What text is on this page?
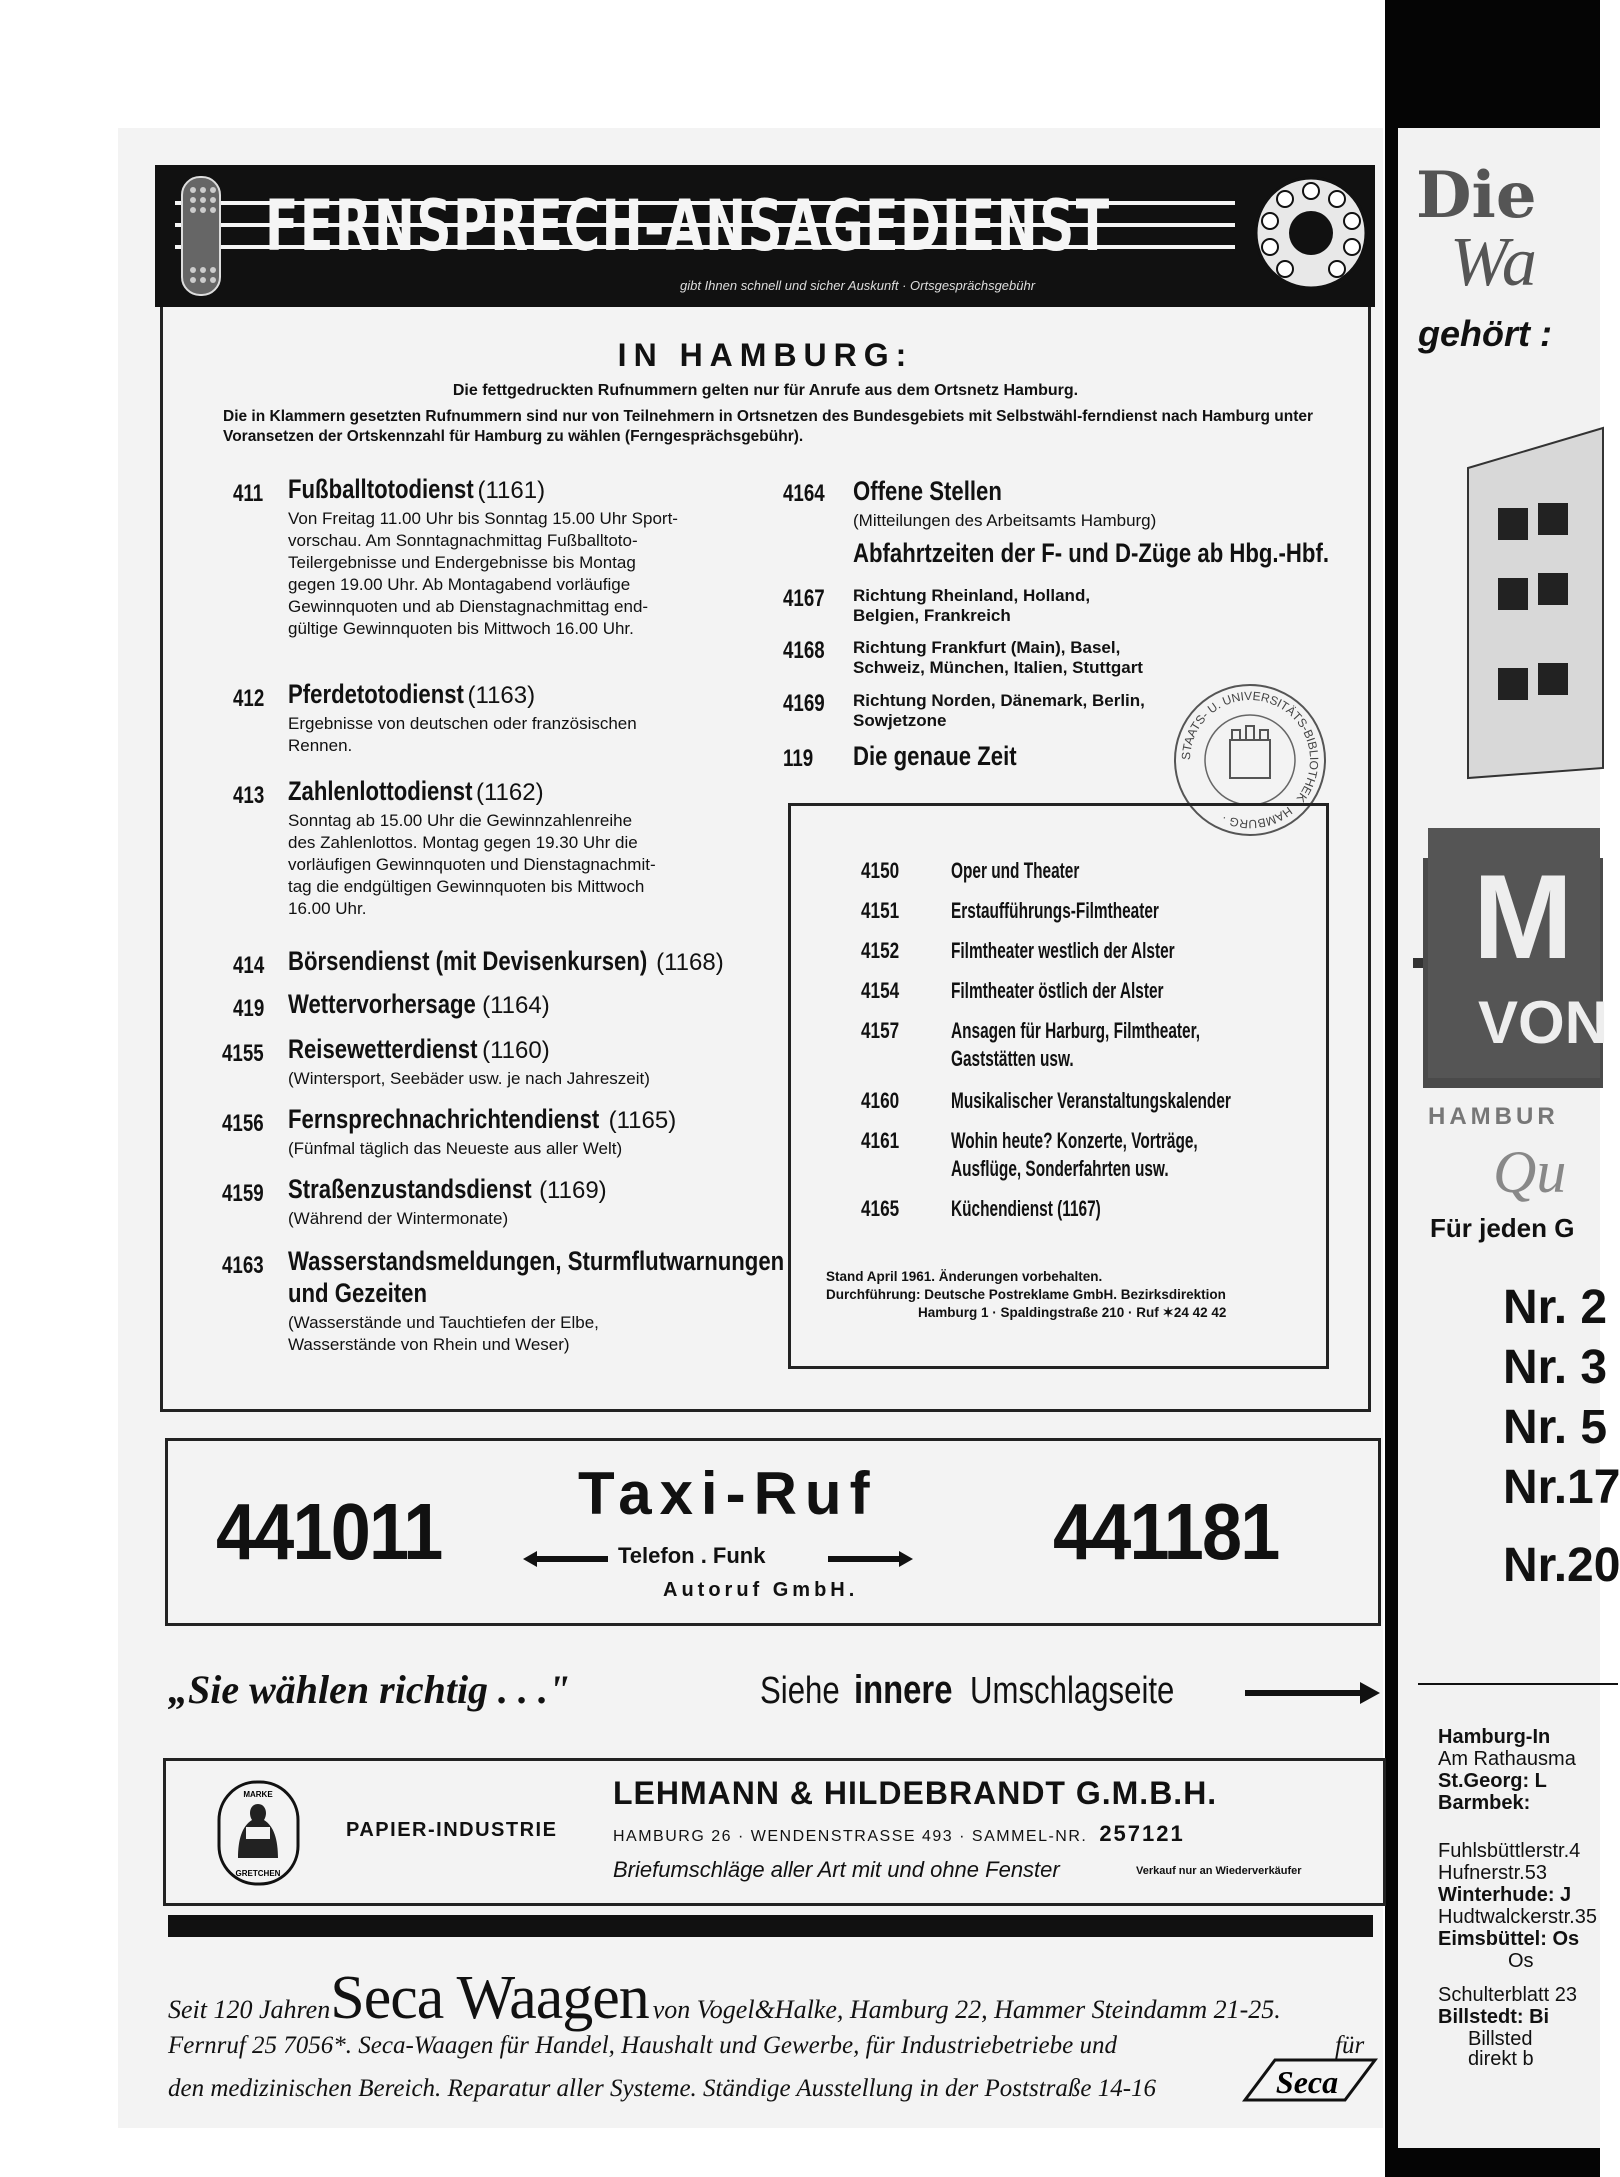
FERNSPRECH-ANSAGEDIENST
gibt Ihnen schnell und sicher Auskunft · Ortsgesprächsgebühr
IN HAMBURG:
Die fettgedruckten Rufnummern gelten nur für Anrufe aus dem Ortsnetz Hamburg.
Die in Klammern gesetzten Rufnummern sind nur von Teilnehmern in Ortsnetzen des Bundesgebiets mit Selbstwähl-ferndienst nach Hamburg unter Voransetzen der Ortskennzahl für Hamburg zu wählen (Ferngesprächsgebühr).
411 Fußballtotodienst (1161)
Von Freitag 11.00 Uhr bis Sonntag 15.00 Uhr Sport-
vorschau. Am Sonntagnachmittag Fußballtoto-
Teilergebnisse und Endergebnisse bis Montag
gegen 19.00 Uhr. Ab Montagabend vorläufige
Gewinnquoten und ab Dienstagnachmittag end-
gültige Gewinnquoten bis Mittwoch 16.00 Uhr.
412 Pferdetotodienst (1163)
Ergebnisse von deutschen oder französischen
Rennen.
413 Zahlenlottodienst (1162)
Sonntag ab 15.00 Uhr die Gewinnzahlenreihe
des Zahlenlottos. Montag gegen 19.30 Uhr die
vorläufigen Gewinnquoten und Dienstagnachmit-
tag die endgültigen Gewinnquoten bis Mittwoch
16.00 Uhr.
414 Börsendienst (mit Devisenkursen) (1168)
419 Wettervorhersage (1164)
4155 Reisewetterdienst (1160)
(Wintersport, Seebäder usw. je nach Jahreszeit)
4156 Fernsprechnachrichtendienst (1165)
(Fünfmal täglich das Neueste aus aller Welt)
4159 Straßenzustandsdienst (1169)
(Während der Wintermonate)
4163 Wasserstandsmeldungen, Sturmflutwarnungen
und Gezeiten
(Wasserstände und Tauchtiefen der Elbe,
Wasserstände von Rhein und Weser)
4164 Offene Stellen
(Mitteilungen des Arbeitsamts Hamburg)
Abfahrtzeiten der F- und D-Züge ab Hbg.-Hbf.
4167 Richtung Rheinland, Holland,
Belgien, Frankreich
4168 Richtung Frankfurt (Main), Basel,
Schweiz, München, Italien, Stuttgart
4169 Richtung Norden, Dänemark, Berlin,
Sowjetzone
119 Die genaue Zeit	STAATS- U. UNIVERSITÄTS-BIBLIOTHEK · HAMBURG ·
4150 Oper und Theater
4151 Erstaufführungs-Filmtheater
4152 Filmtheater westlich der Alster
4154 Filmtheater östlich der Alster
4157 Ansagen für Harburg, Filmtheater,
Gaststätten usw.
4160 Musikalischer Veranstaltungskalender
4161 Wohin heute? Konzerte, Vorträge,
Ausflüge, Sonderfahrten usw.
4165 Küchendienst (1167)
Stand April 1961. Änderungen vorbehalten.
Durchführung: Deutsche Postreklame GmbH. Bezirksdirektion
Hamburg 1 · Spaldingstraße 210 · Ruf ✶24 42 42
441011 Taxi-Ruf
Telefon . Funk
Autoruf GmbH.
441181
„Sie wählen richtig . . ."	Siehe innere Umschlagseite
MARKE
GRETCHEN
PAPIER-INDUSTRIE
LEHMANN & HILDEBRANDT G.M.B.H.
HAMBURG 26 · WENDENSTRASSE 493 · SAMMEL-NR. 257121
Briefumschläge aller Art mit und ohne Fenster	Verkauf nur an Wiederverkäufer
Seit 120 JahrenSeca Waagen von Vogel&Halke, Hamburg 22, Hammer Steindamm 21-25.
Fernruf 25 7056*. Seca-Waagen für Handel, Haushalt und Gewerbe, für Industriebetriebe und	für
den medizinischen Bereich. Reparatur aller Systeme. Ständige Ausstellung in der Poststraße 14-16	Seca
Die
Wa
gehört :
M
VON
HAMBUR
Qu
Für jeden G
Nr. 2
Nr. 3
Nr. 5
Nr.17
Nr.20
Hamburg-In
Am Rathausma
St.Georg: L
Barmbek:
Fuhlsbüttlerstr.4
Hufnerstr.53
Winterhude: J
Hudtwalckerstr.35
Eimsbüttel: Os
Os
Schulterblatt 23
Billstedt: Bi
Billsted
direkt b
